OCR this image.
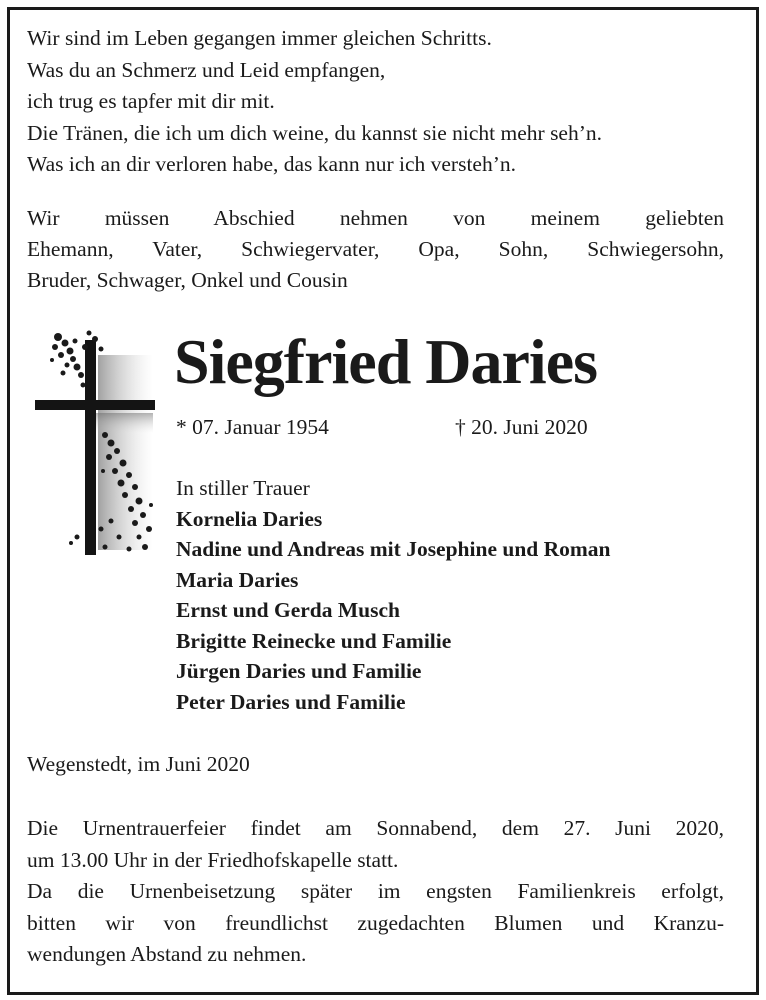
Wir sind im Leben gegangen immer gleichen Schritts.
Was du an Schmerz und Leid empfangen,
ich trug es tapfer mit dir mit.
Die Tränen, die ich um dich weine, du kannst sie nicht mehr seh’n.
Was ich an dir verloren habe, das kann nur ich versteh’n.
Wir müssen Abschied nehmen von meinem geliebten
Ehemann, Vater, Schwiegervater, Opa, Sohn, Schwiegersohn,
Bruder, Schwager, Onkel und Cousin
Siegfried Daries
* 07. Januar 1954	† 20. Juni 2020
In stiller Trauer
Kornelia Daries
Nadine und Andreas mit Josephine und Roman
Maria Daries
Ernst und Gerda Musch
Brigitte Reinecke und Familie
Jürgen Daries und Familie
Peter Daries und Familie
Wegenstedt, im Juni 2020
Die Urnentrauerfeier findet am Sonnabend, dem 27. Juni 2020,
um 13.00 Uhr in der Friedhofskapelle statt.
Da die Urnenbeisetzung später im engsten Familienkreis erfolgt,
bitten wir von freundlichst zugedachten Blumen und Kranzu-
wendungen Abstand zu nehmen.
